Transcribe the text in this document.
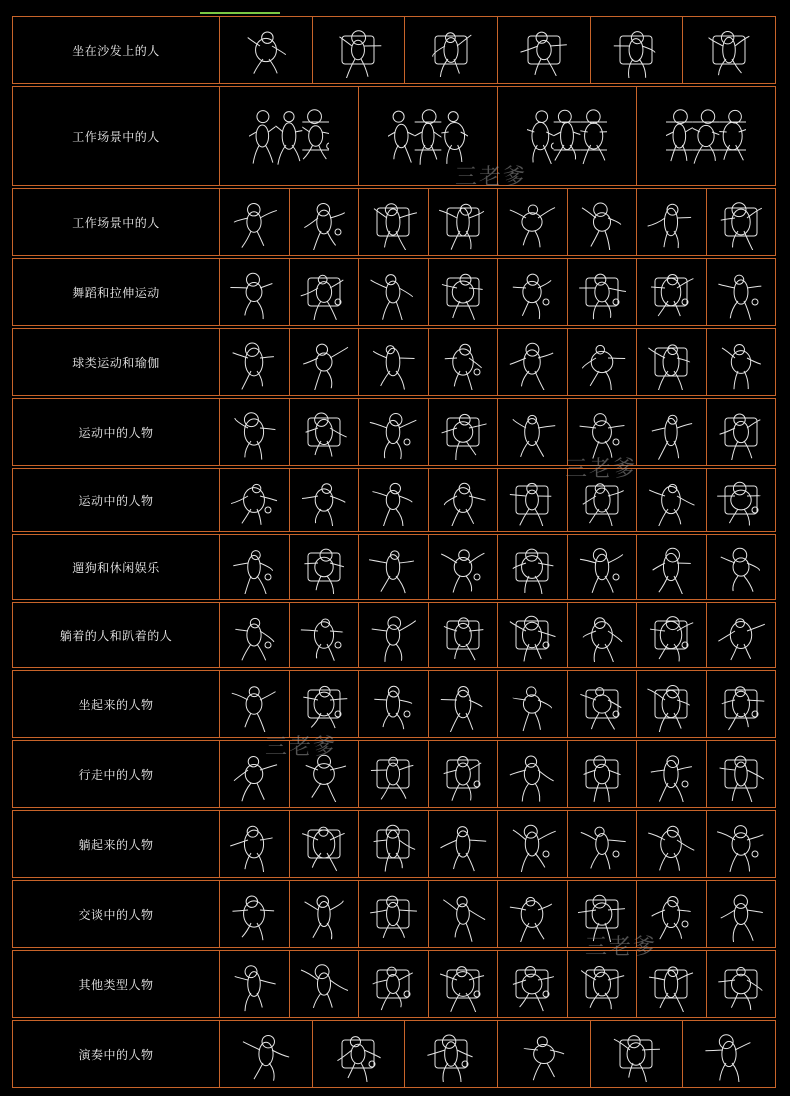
坐在沙发上的人
工作场景中的人
工作场景中的人
舞蹈和拉伸运动
球类运动和瑜伽
运动中的人物
运动中的人物
遛狗和休闲娱乐
躺着的人和趴着的人
坐起来的人物
行走中的人物
躺起来的人物
交谈中的人物
其他类型人物
演奏中的人物
三老爹
三老爹
三老爹
三老爹
